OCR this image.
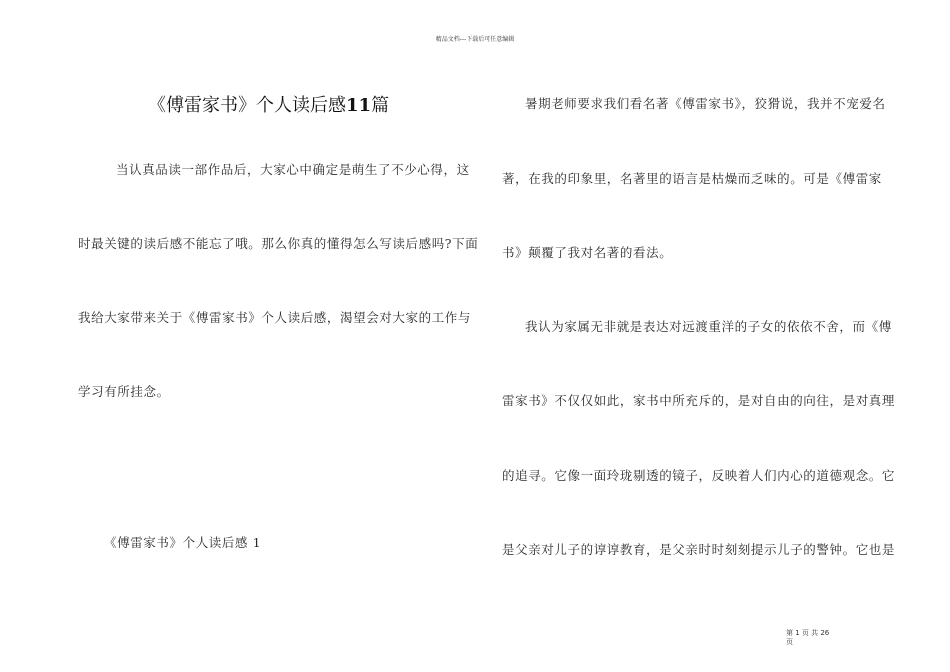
精品文档---下载后可任意编辑
《傅雷家书》个人读后感11篇
当认真品读一部作品后，大家心中确定是萌生了不少心得，这
时最关键的读后感不能忘了哦。那么你真的懂得怎么写读后感吗?下面
我给大家带来关于《傅雷家书》个人读后感，渴望会对大家的工作与
学习有所挂念。
《傅雷家书》个人读后感 1
暑期老师要求我们看名著《傅雷家书》，狡猾说，我并不宠爱名
著，在我的印象里，名著里的语言是枯燥而乏味的。可是《傅雷家
书》颠覆了我对名著的看法。
我认为家属无非就是表达对远渡重洋的子女的依依不舍，而《傅
雷家书》不仅仅如此，家书中所充斥的，是对自由的向往，是对真理
的追寻。它像一面玲珑剔透的镜子，反映着人们内心的道德观念。它
是父亲对儿子的谆谆教育，是父亲时时刻刻提示儿子的警钟。它也是
第 1 页 共 26 页
